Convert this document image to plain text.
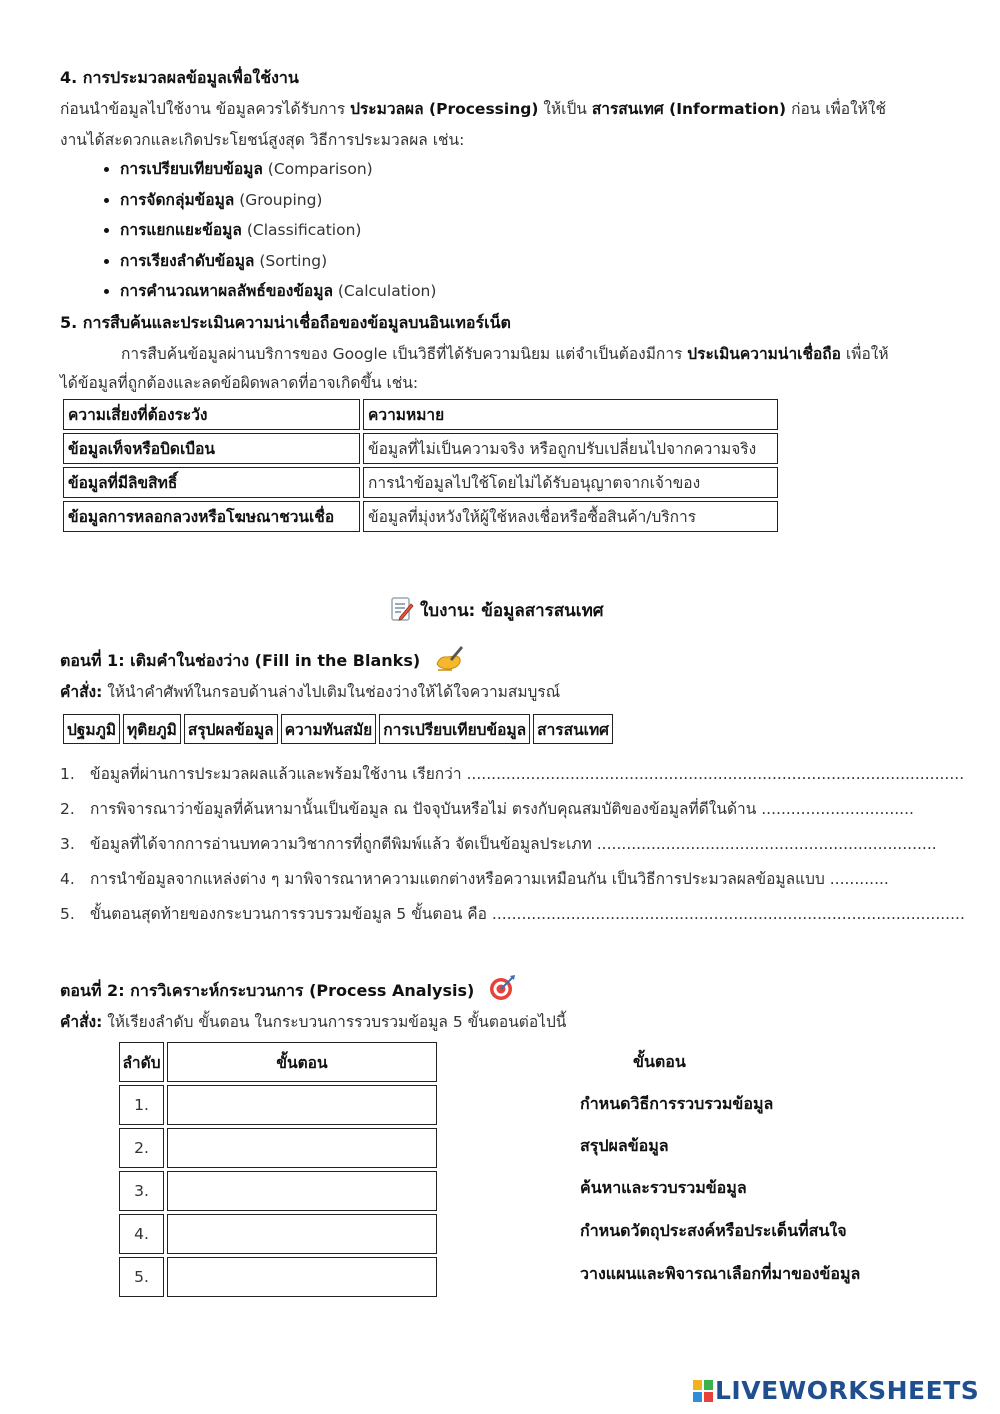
4. การประมวลผลข้อมูลเพื่อใช้งาน
ก่อนนำข้อมูลไปใช้งาน ข้อมูลควรได้รับการ ประมวลผล (Processing) ให้เป็น สารสนเทศ (Information) ก่อน เพื่อให้ใช้
งานได้สะดวกและเกิดประโยชน์สูงสุด วิธีการประมวลผล เช่น:
• การเปรียบเทียบข้อมูล (Comparison)
• การจัดกลุ่มข้อมูล (Grouping)
• การแยกแยะข้อมูล (Classification)
• การเรียงลำดับข้อมูล (Sorting)
• การคำนวณหาผลลัพธ์ของข้อมูล (Calculation)
5. การสืบค้นและประเมินความน่าเชื่อถือของข้อมูลบนอินเทอร์เน็ต
การสืบค้นข้อมูลผ่านบริการของ Google เป็นวิธีที่ได้รับความนิยม แต่จำเป็นต้องมีการ ประเมินความน่าเชื่อถือ เพื่อให้
ได้ข้อมูลที่ถูกต้องและลดข้อผิดพลาดที่อาจเกิดขึ้น เช่น:
ความเสี่ยงที่ต้องระวัง	ความหมาย
ข้อมูลเท็จหรือบิดเบือน	ข้อมูลที่ไม่เป็นความจริง หรือถูกปรับเปลี่ยนไปจากความจริง
ข้อมูลที่มีลิขสิทธิ์	การนำข้อมูลไปใช้โดยไม่ได้รับอนุญาตจากเจ้าของ
ข้อมูลการหลอกลวงหรือโฆษณาชวนเชื่อ	ข้อมูลที่มุ่งหวังให้ผู้ใช้หลงเชื่อหรือซื้อสินค้า/บริการ
ใบงาน: ข้อมูลสารสนเทศ
ตอนที่ 1: เติมคำในช่องว่าง (Fill in the Blanks)
คำสั่ง: ให้นำคำศัพท์ในกรอบด้านล่างไปเติมในช่องว่างให้ได้ใจความสมบูรณ์
ปฐมภูมิ	ทุติยภูมิ	สรุปผลข้อมูล	ความทันสมัย	การเปรียบเทียบข้อมูล	สารสนเทศ
1. ข้อมูลที่ผ่านการประมวลผลแล้วและพร้อมใช้งาน เรียกว่า .....................................................................................................
2. การพิจารณาว่าข้อมูลที่ค้นหามานั้นเป็นข้อมูล ณ ปัจจุบันหรือไม่ ตรงกับคุณสมบัติของข้อมูลที่ดีในด้าน ...............................
3. ข้อมูลที่ได้จากการอ่านบทความวิชาการที่ถูกตีพิมพ์แล้ว จัดเป็นข้อมูลประเภท .....................................................................
4. การนำข้อมูลจากแหล่งต่าง ๆ มาพิจารณาหาความแตกต่างหรือความเหมือนกัน เป็นวิธีการประมวลผลข้อมูลแบบ ............
5. ขั้นตอนสุดท้ายของกระบวนการรวบรวมข้อมูล 5 ขั้นตอน คือ ................................................................................................
ตอนที่ 2: การวิเคราะห์กระบวนการ (Process Analysis)
คำสั่ง: ให้เรียงลำดับ ขั้นตอน ในกระบวนการรวบรวมข้อมูล 5 ขั้นตอนต่อไปนี้
ลำดับ	ขั้นตอน
1.	
2.	
3.	
4.	
5.	
ขั้นตอน
กำหนดวิธีการรวบรวมข้อมูล
สรุปผลข้อมูล
ค้นหาและรวบรวมข้อมูล
กำหนดวัตถุประสงค์หรือประเด็นที่สนใจ
วางแผนและพิจารณาเลือกที่มาของข้อมูล
LIVEWORKSHEETS
